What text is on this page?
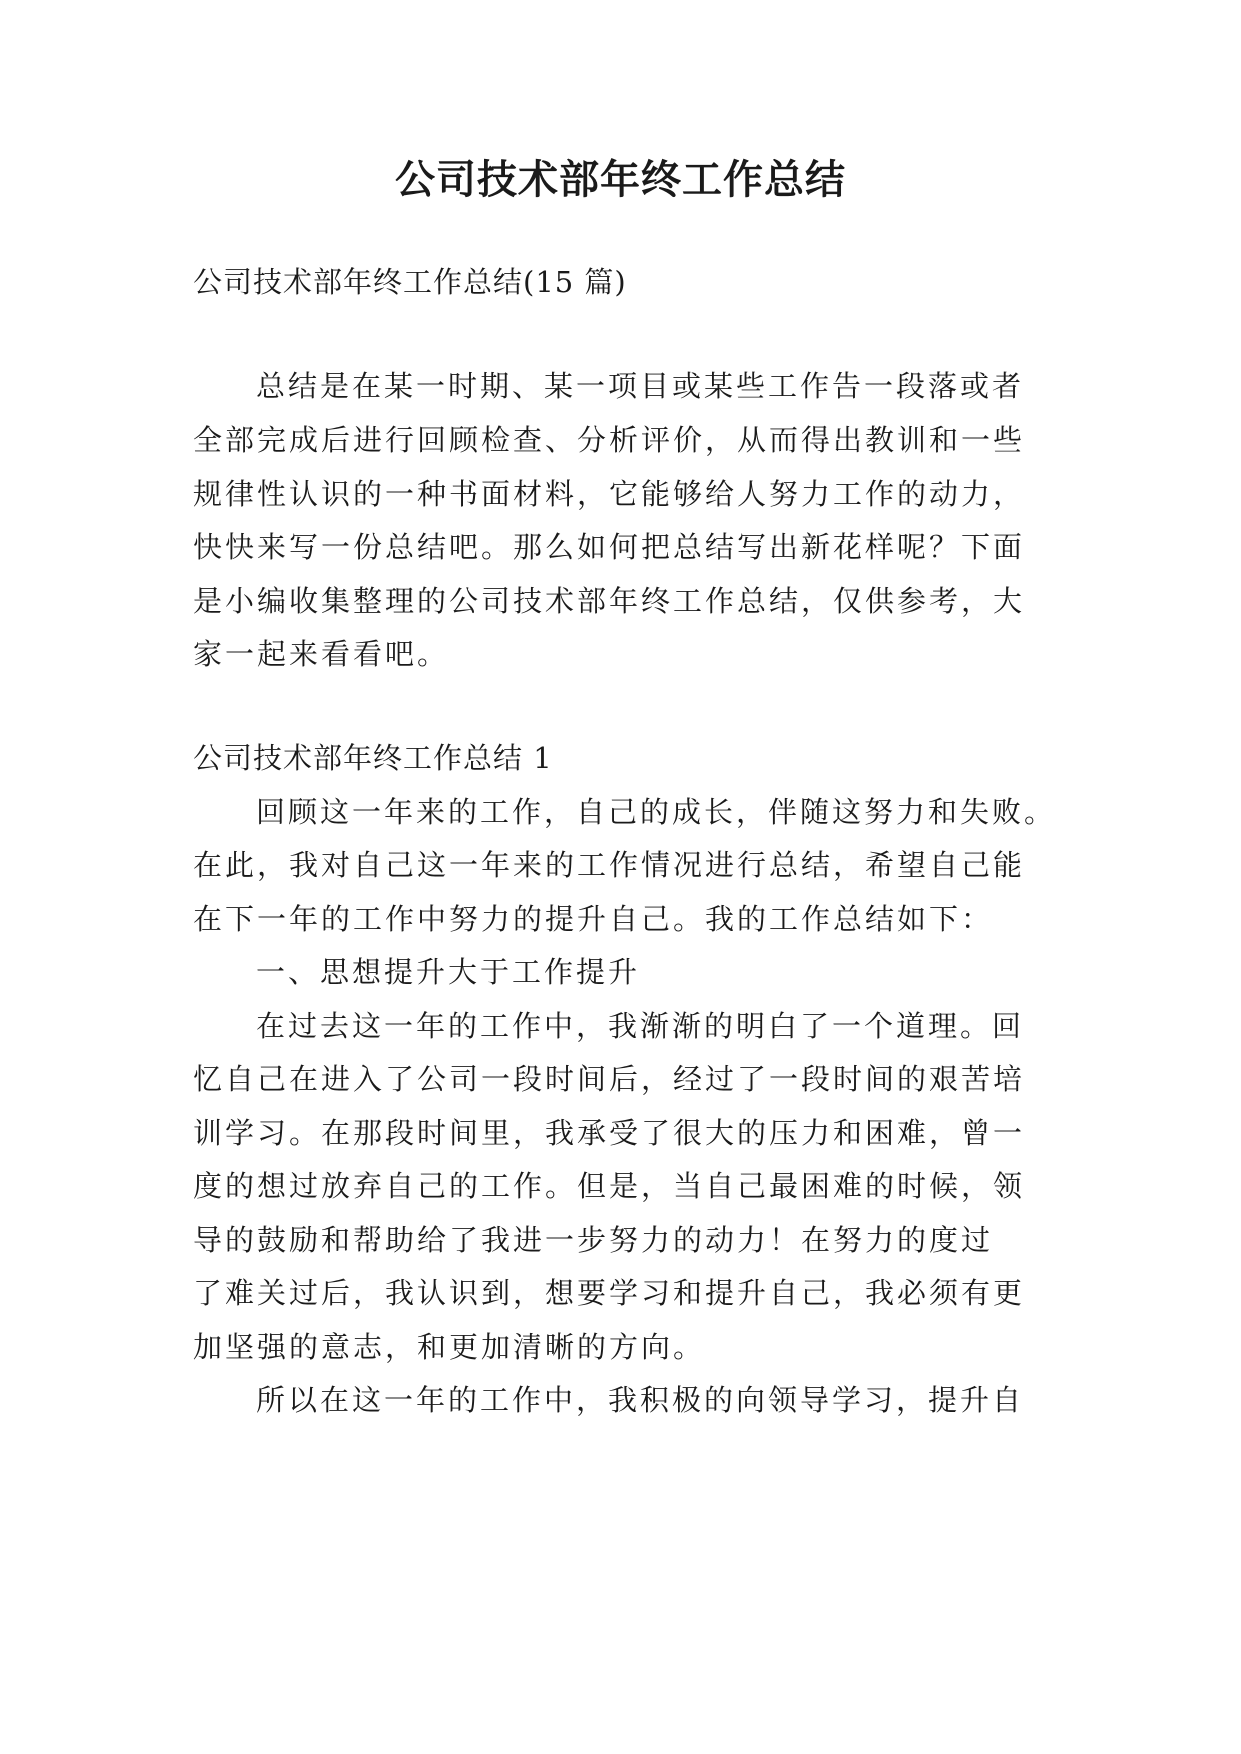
公司技术部年终工作总结

公司技术部年终工作总结(15 篇)

总结是在某一时期、某一项目或某些工作告一段落或者

全部完成后进行回顾检查、分析评价，从而得出教训和一些

规律性认识的一种书面材料，它能够给人努力工作的动力，

快快来写一份总结吧。那么如何把总结写出新花样呢？下面

是小编收集整理的公司技术部年终工作总结，仅供参考，大

家一起来看看吧。

公司技术部年终工作总结 1

回顾这一年来的工作，自己的成长，伴随这努力和失败。

在此，我对自己这一年来的工作情况进行总结，希望自己能

在下一年的工作中努力的提升自己。我的工作总结如下：

一、思想提升大于工作提升

在过去这一年的工作中，我渐渐的明白了一个道理。回

忆自己在进入了公司一段时间后，经过了一段时间的艰苦培

训学习。在那段时间里，我承受了很大的压力和困难，曾一

度的想过放弃自己的工作。但是，当自己最困难的时候，领

导的鼓励和帮助给了我进一步努力的动力！在努力的度过

了难关过后，我认识到，想要学习和提升自己，我必须有更

加坚强的意志，和更加清晰的方向。

所以在这一年的工作中，我积极的向领导学习，提升自
